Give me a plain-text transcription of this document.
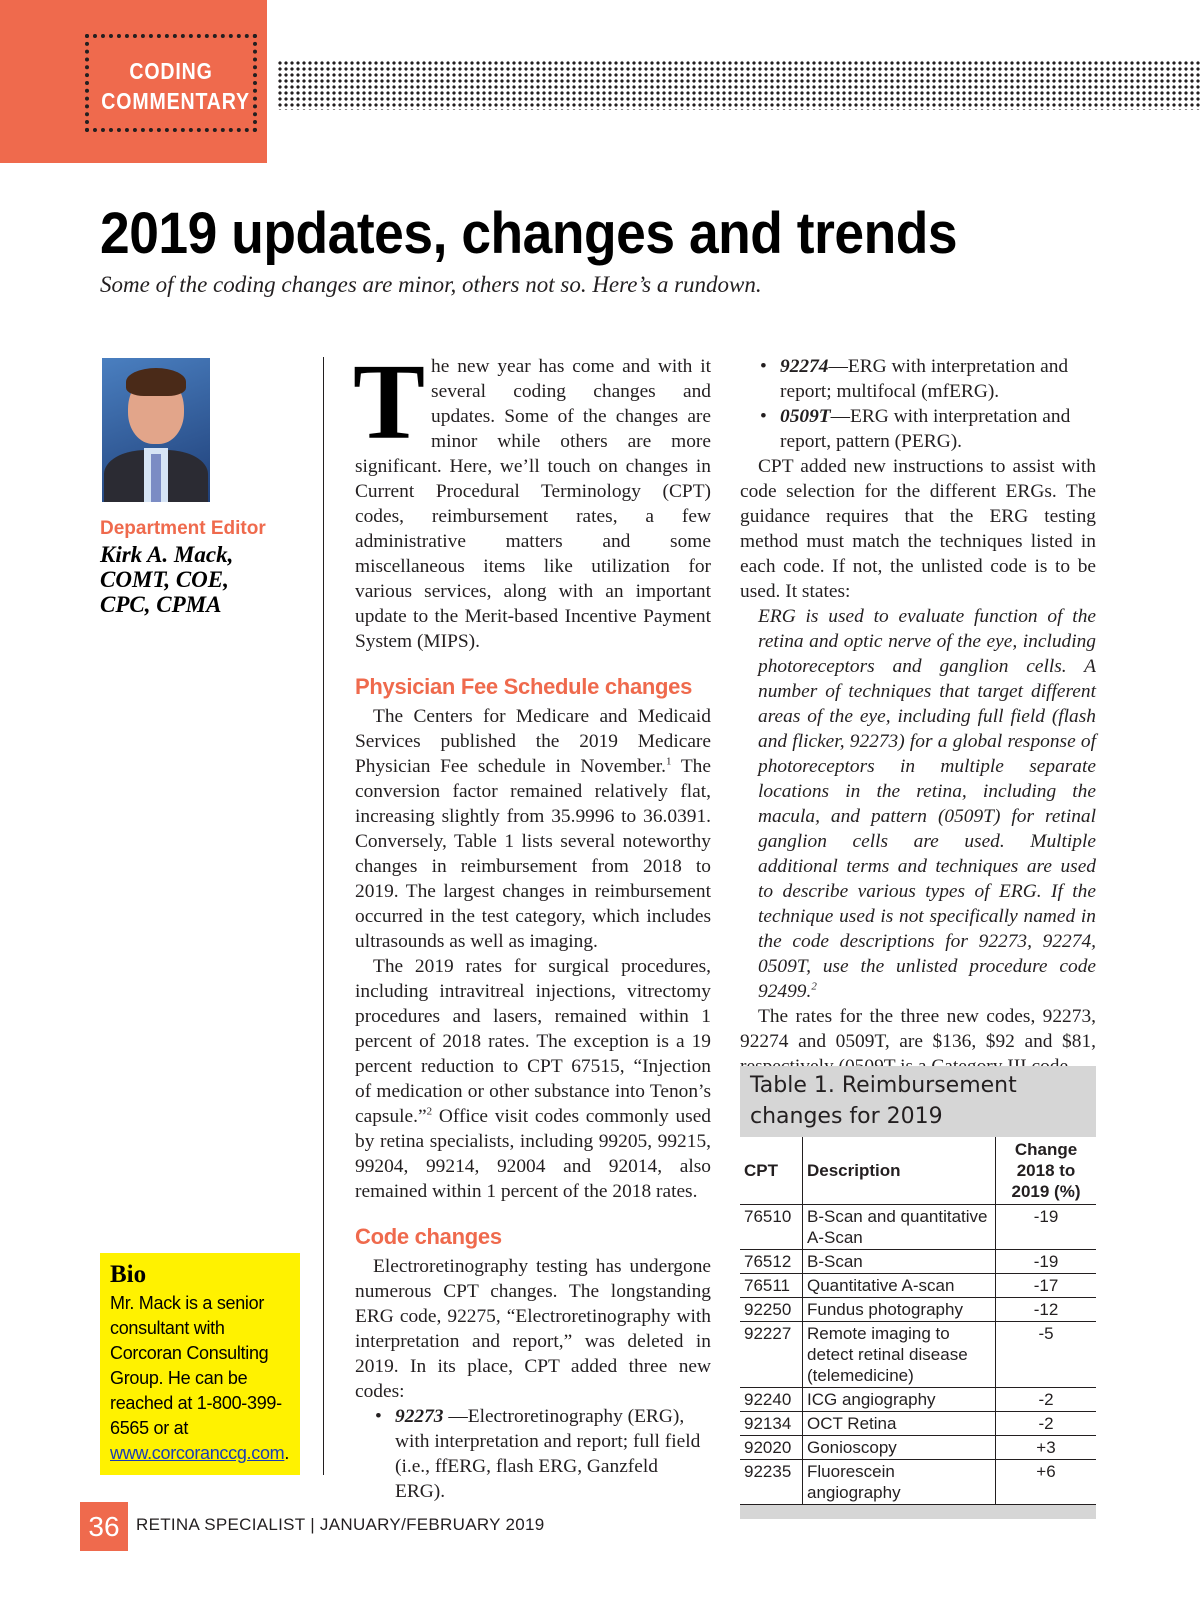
CODING
COMMENTARY
2019 updates, changes and trends
Some of the coding changes are minor, others not so. Here’s a rundown.
Department Editor
Kirk A. Mack,
COMT, COE,
CPC, CPMA
Bio

Mr. Mack is a senior consultant with Corcoran Consulting Group. He can be reached at 1-800-399-6565 or at www.corcoranccg.com.

The new year has come and with it several coding changes and updates. Some of the changes are minor while others are more significant. Here, we’ll touch on changes in Current Procedural Terminology (CPT) codes, reimbursement rates, a few administrative matters and some miscellaneous items like utilization for various services, along with an important update to the Merit-based Incentive Payment System (MIPS).

Physician Fee Schedule changes

The Centers for Medicare and Medicaid Services published the 2019 Medicare Physician Fee schedule in November.$^1$ The conversion factor remained relatively flat, increasing slightly from 35.9996 to 36.0391. Conversely, Table 1 lists several noteworthy changes in reimbursement from 2018 to 2019. The largest changes in reimbursement occurred in the test category, which includes ultrasounds as well as imaging.

The 2019 rates for surgical procedures, including intravitreal injections, vitrectomy procedures and lasers, remained within 1 percent of 2018 rates. The exception is a 19 percent reduction to CPT 67515, “Injection of medication or other substance into Tenon’s capsule.”$^2$ Office visit codes commonly used by retina specialists, including 99205, 99215, 99204, 99214, 92004 and 92014, also remained within 1 percent of the 2018 rates.

Code changes

Electroretinography testing has undergone numerous CPT changes. The longstanding ERG code, 92275, “Electroretinography with interpretation and report,” was deleted in 2019. In its place, CPT added three new codes:

• 92273 —Electroretinography (ERG), with interpretation and report; full field (i.e., ffERG, flash ERG, Ganzfeld ERG).
• 92274—ERG with interpretation and report; multifocal (mfERG).
• 0509T—ERG with interpretation and report, pattern (PERG).

CPT added new instructions to assist with code selection for the different ERGs. The guidance requires that the ERG testing method must match the techniques listed in each code. If not, the unlisted code is to be used. It states:

ERG is used to evaluate function of the retina and optic nerve of the eye, including photoreceptors and ganglion cells. A number of techniques that target different areas of the eye, including full field (flash and flicker, 92273) for a global response of photoreceptors in multiple separate locations in the retina, including the macula, and pattern (0509T) for retinal ganglion cells are used. Multiple additional terms and techniques are used to describe various types of ERG. If the technique used is not specifically named in the code descriptions for 92273, 92274, 0509T, use the unlisted procedure code 92499.$^2$

The rates for the three new codes, 92273, 92274 and 0509T, are $136, $92 and $81,

Table 1. Reimbursement changes for 2019
CPT	Description	Change 2018 to 2019 (%)
76510	B-Scan and quantitative A-Scan	-19
76512	B-Scan	-19
76511	Quantitative A-scan	-17
92250	Fundus photography	-12
92227	Remote imaging to detect retinal disease (telemedicine)	-5
92240	ICG angiography	-2
92134	OCT Retina	-2
92020	Gonioscopy	+3
92235	Fluorescein angiography	+6
36 RETINA SPECIALIST | JANUARY/FEBRUARY 2019
